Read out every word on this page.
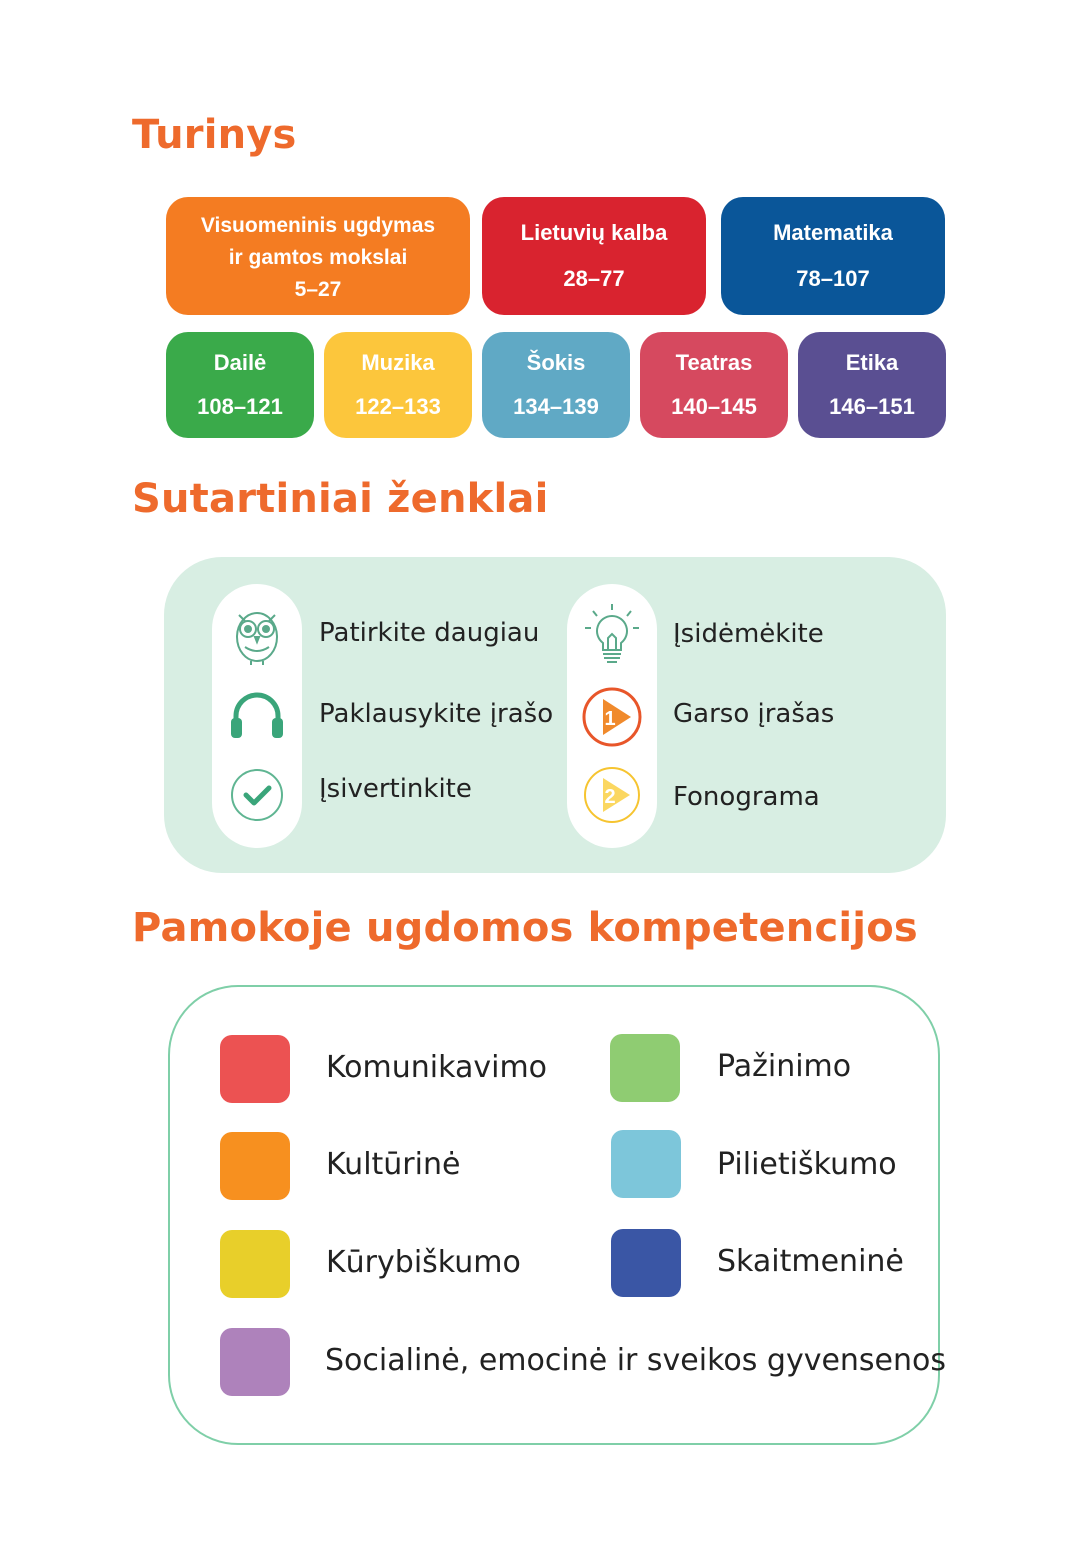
Turinys
Visuomeninis ugdymas
ir gamtos mokslai
5–27
Lietuvių kalba
28–77
Matematika
78–107
Dailė
108–121
Muzika
122–133
Šokis
134–139
Teatras
140–145
Etika
146–151
Sutartiniai ženklai
1
2
Patirkite daugiau
Paklausykite įrašo
Įsivertinkite
Įsidėmėkite
Garso įrašas
Fonograma
Pamokoje ugdomos kompetencijos
Komunikavimo	Pažinimo
Kultūrinė	Pilietiškumo
Kūrybiškumo	Skaitmeninė
Socialinė, emocinė ir sveikos gyvensenos
